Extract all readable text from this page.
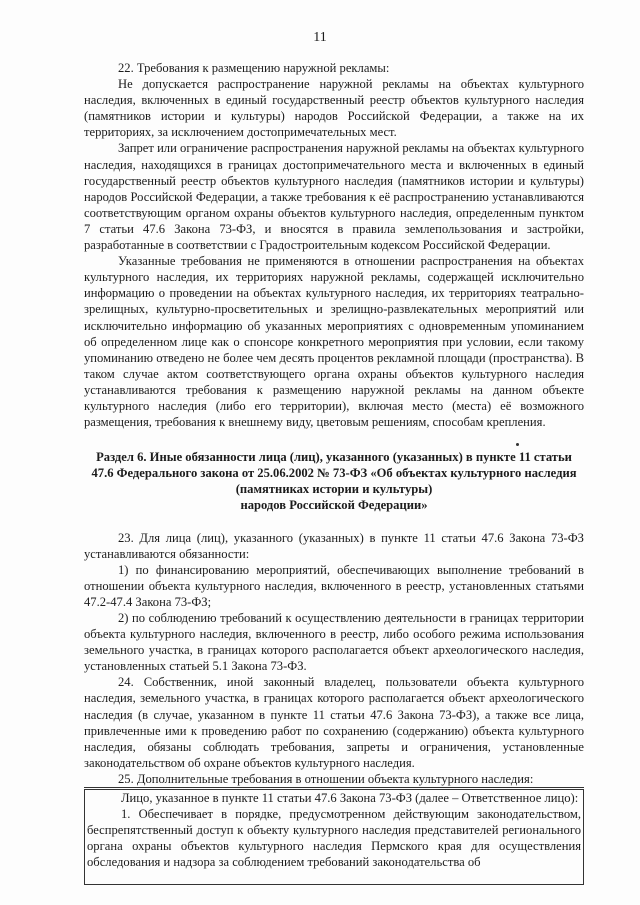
11

22. Требования к размещению наружной рекламы:

Не допускается распространение наружной рекламы на объектах культурного наследия, включенных в единый государственный реестр объектов культурного наследия (памятников истории и культуры) народов Российской Федерации, а также на их территориях, за исключением достопримечательных мест.

Запрет или ограничение распространения наружной рекламы на объектах культурного наследия, находящихся в границах достопримечательного места и включенных в единый государственный реестр объектов культурного наследия (памятников истории и культуры) народов Российской Федерации, а также требования к её распространению устанавливаются соответствующим органом охраны объектов культурного наследия, определенным пунктом 7 статьи 47.6 Закона 73-ФЗ, и вносятся в правила землепользования и застройки, разработанные в соответствии с Градостроительным кодексом Российской Федерации.

Указанные требования не применяются в отношении распространения на объектах культурного наследия, их территориях наружной рекламы, содержащей исключительно информацию о проведении на объектах культурного наследия, их территориях театрально-зрелищных, культурно-просветительных и зрелищно-развлекательных мероприятий или исключительно информацию об указанных мероприятиях с одновременным упоминанием об определенном лице как о спонсоре конкретного мероприятия при условии, если такому упоминанию отведено не более чем десять процентов рекламной площади (пространства). В таком случае актом соответствующего органа охраны объектов культурного наследия устанавливаются требования к размещению наружной рекламы на данном объекте культурного наследия (либо его территории), включая место (места) её возможного размещения, требования к внешнему виду, цветовым решениям, способам крепления.

Раздел 6. Иные обязанности лица (лиц), указанного (указанных) в пункте 11 статьи 47.6 Федерального закона от 25.06.2002 № 73-ФЗ «Об объектах культурного наследия (памятниках истории и культуры)

народов Российской Федерации»

23. Для лица (лиц), указанного (указанных) в пункте 11 статьи 47.6 Закона 73-ФЗ устанавливаются обязанности:

1) по финансированию мероприятий, обеспечивающих выполнение требований в отношении объекта культурного наследия, включенного в реестр, установленных статьями 47.2-47.4 Закона 73-ФЗ;

2) по соблюдению требований к осуществлению деятельности в границах территории объекта культурного наследия, включенного в реестр, либо особого режима использования земельного участка, в границах которого располагается объект археологического наследия, установленных статьей 5.1 Закона 73-ФЗ.

24. Собственник, иной законный владелец, пользователи объекта культурного наследия, земельного участка, в границах которого располагается объект археологического наследия (в случае, указанном в пункте 11 статьи 47.6 Закона 73-ФЗ), а также все лица, привлеченные ими к проведению работ по сохранению (содержанию) объекта культурного наследия, обязаны соблюдать требования, запреты и ограничения, установленные законодательством об охране объектов культурного наследия.

25. Дополнительные требования в отношении объекта культурного наследия:

Лицо, указанное в пункте 11 статьи 47.6 Закона 73-ФЗ (далее – Ответственное лицо):

1. Обеспечивает в порядке, предусмотренном действующим законодательством, беспрепятственный доступ к объекту культурного наследия представителей регионального органа охраны объектов культурного наследия Пермского края для осуществления обследования и надзора за соблюдением требований законодательства об
